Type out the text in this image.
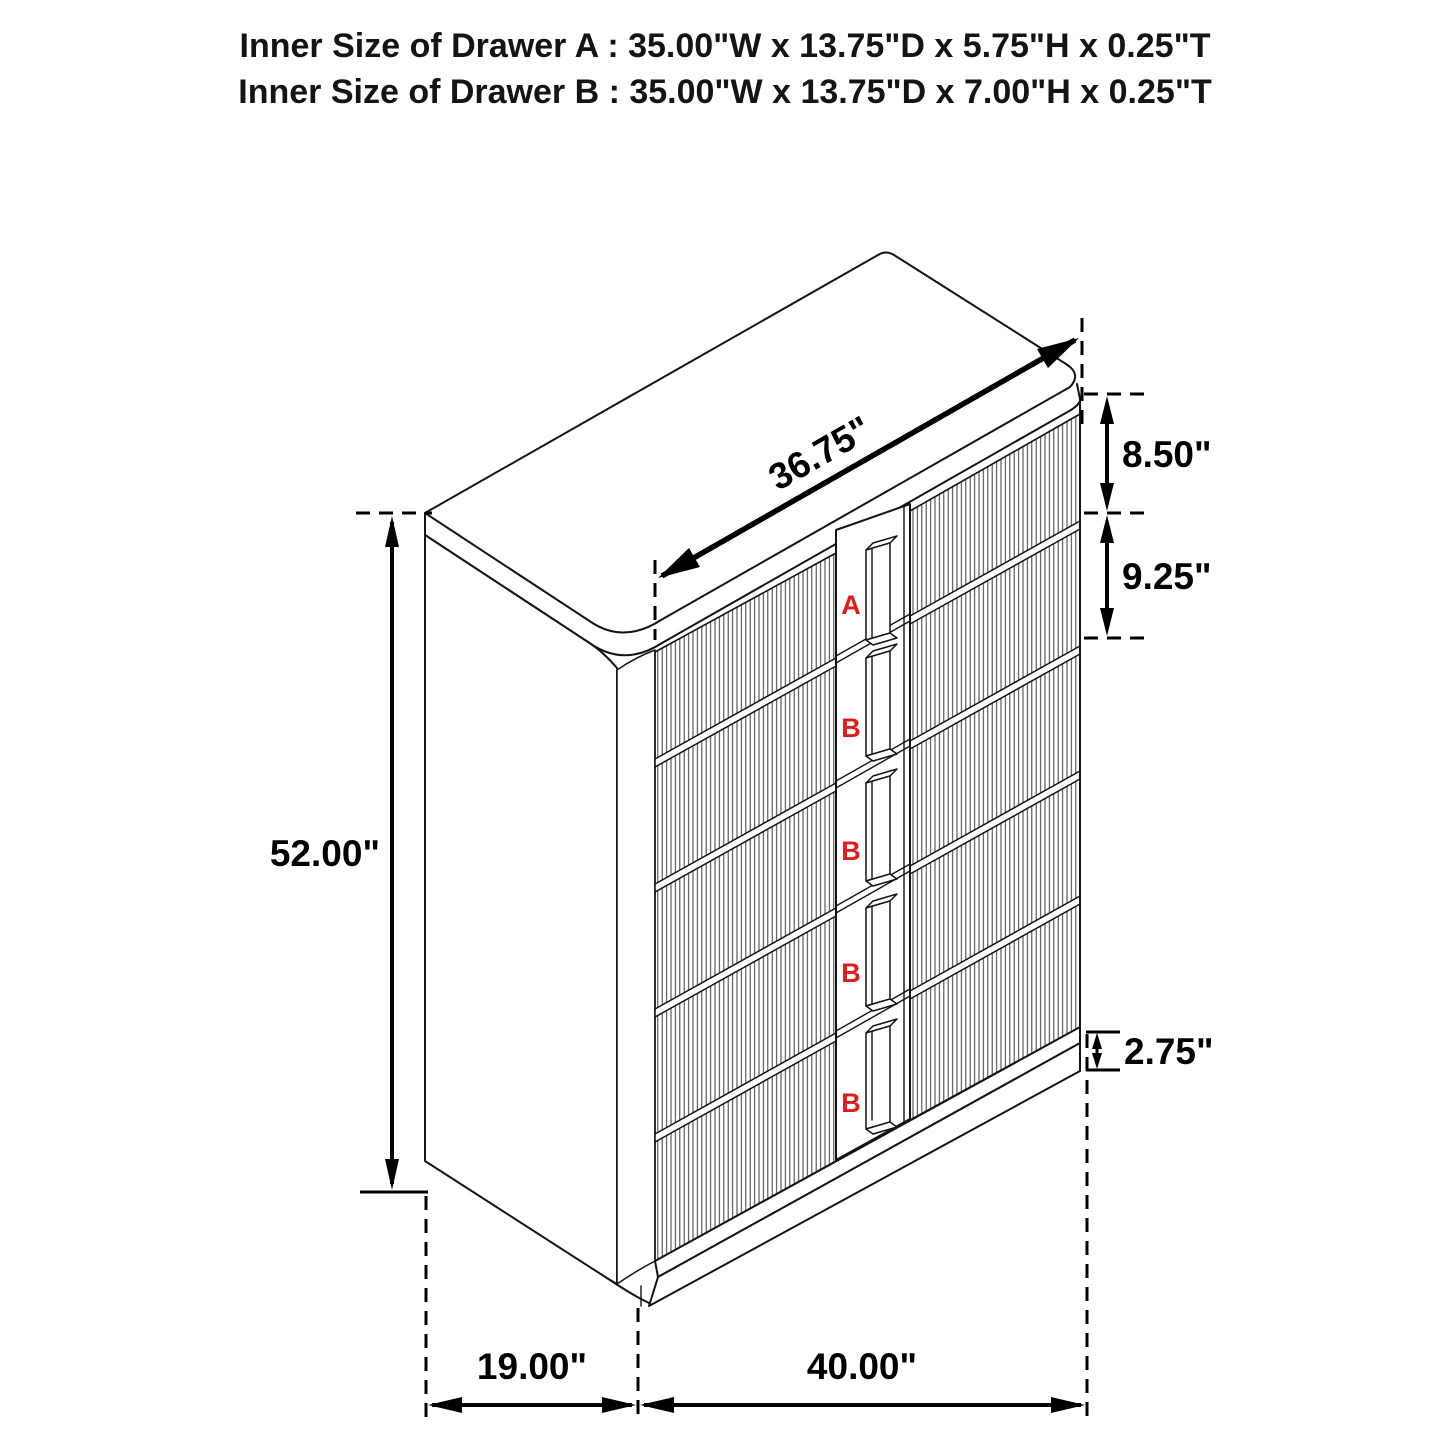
Inner Size of Drawer A : 35.00"W x 13.75"D x 5.75"H x 0.25"T
Inner Size of Drawer B : 35.00"W x 13.75"D x 7.00"H x 0.25"T
A
B
B
B
B
36.75"	8.50"
9.25"
52.00"
2.75"
19.00"	40.00"
